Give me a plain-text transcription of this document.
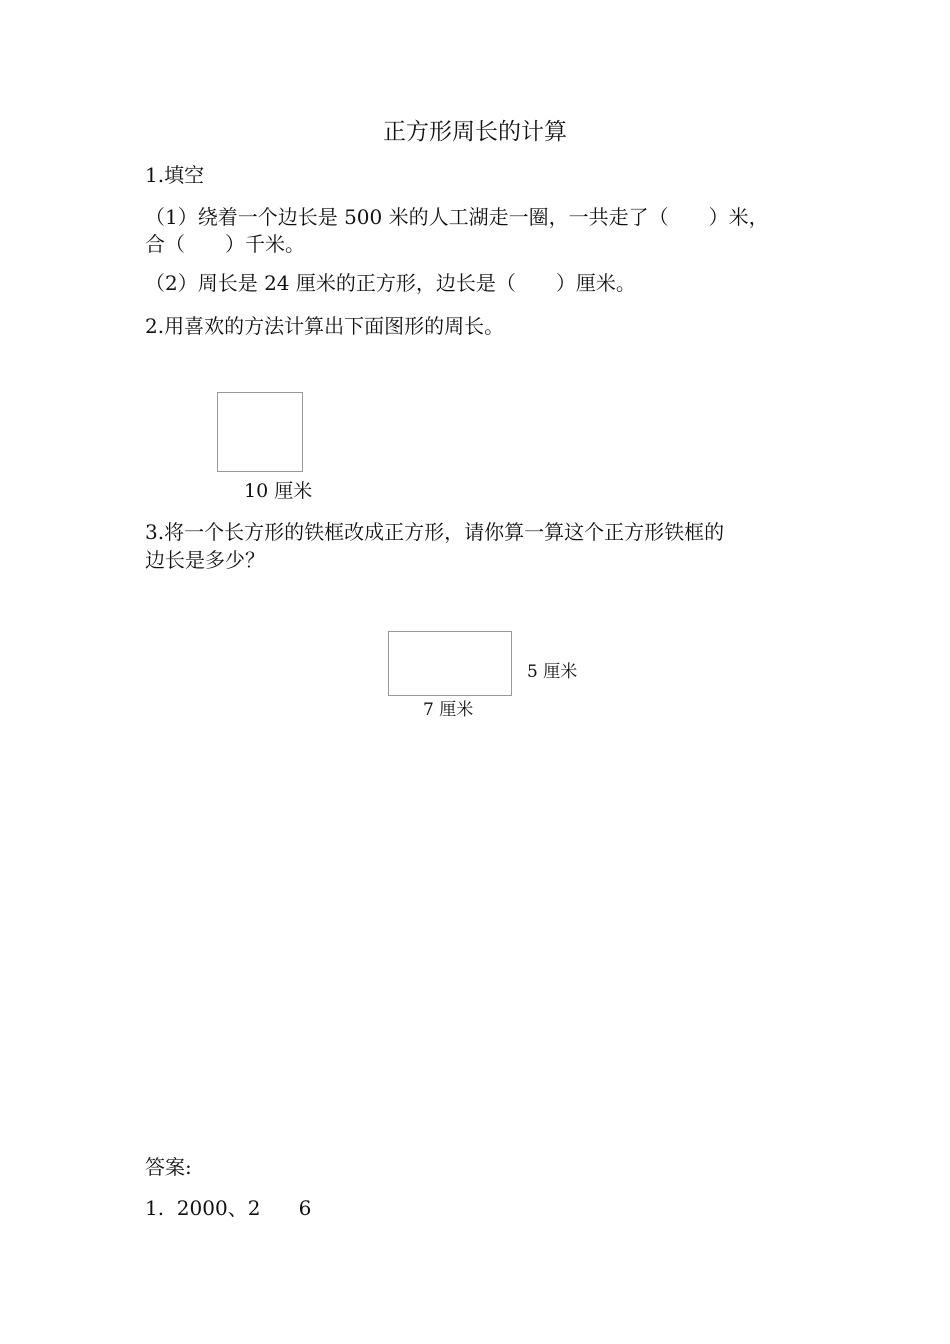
正方形周长的计算
1.填空
（1）绕着一个边长是 500 米的人工湖走一圈，一共走了（　　）米，
合（　　）千米。
（2）周长是 24 厘米的正方形，边长是（　　）厘米。
2.用喜欢的方法计算出下面图形的周长。
10 厘米
3.将一个长方形的铁框改成正方形，请你算一算这个正方形铁框的
边长是多少？
5 厘米
7 厘米
答案:
1.  2000、2      6
